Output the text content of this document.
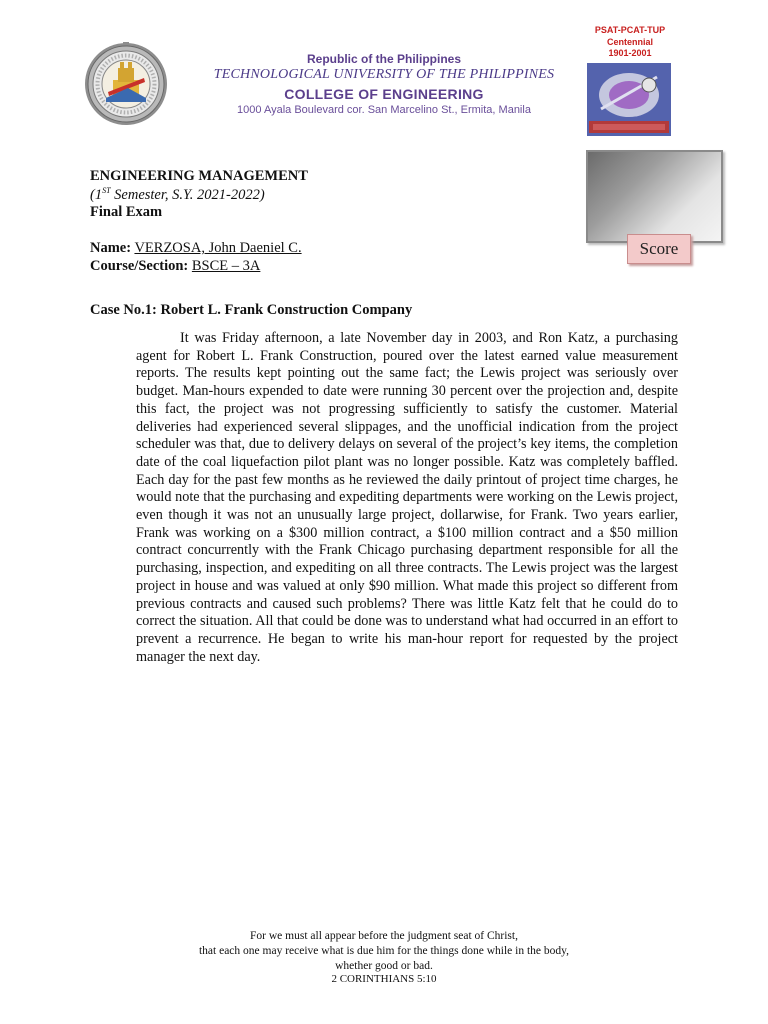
Republic of the Philippines
TECHNOLOGICAL UNIVERSITY OF THE PHILIPPINES
COLLEGE OF ENGINEERING
1000 Ayala Boulevard cor. San Marcelino St., Ermita, Manila
PSAT-PCAT-TUP
Centennial
1901-2001
Score
ENGINEERING MANAGEMENT
(1ST Semester, S.Y. 2021-2022)
Final Exam
Name: VERZOSA, John Daeniel C.
Course/Section: BSCE – 3A
Case No.1: Robert L. Frank Construction Company

It was Friday afternoon, a late November day in 2003, and Ron Katz, a purchasing agent for Robert L. Frank Construction, poured over the latest earned value measurement reports. The results kept pointing out the same fact; the Lewis project was seriously over budget. Man-hours expended to date were running 30 percent over the projection and, despite this fact, the project was not progressing sufficiently to satisfy the customer. Material deliveries had experienced several slippages, and the unofficial indication from the project scheduler was that, due to delivery delays on several of the project’s key items, the completion date of the coal liquefaction pilot plant was no longer possible. Katz was completely baffled. Each day for the past few months as he reviewed the daily printout of project time charges, he would note that the purchasing and expediting departments were working on the Lewis project, even though it was not an unusually large project, dollarwise, for Frank. Two years earlier, Frank was working on a $300 million contract, a $100 million contract and a $50 million contract concurrently with the Frank Chicago purchasing department responsible for all the purchasing, inspection, and expediting on all three contracts. The Lewis project was the largest project in house and was valued at only $90 million. What made this project so different from previous contracts and caused such problems? There was little Katz felt that he could do to correct the situation. All that could be done was to understand what had occurred in an effort to prevent a recurrence. He began to write his man-hour report for requested by the project manager the next day.

For we must all appear before the judgment seat of Christ,
that each one may receive what is due him for the things done while in the body,
whether good or bad.
2 CORINTHIANS 5:10
